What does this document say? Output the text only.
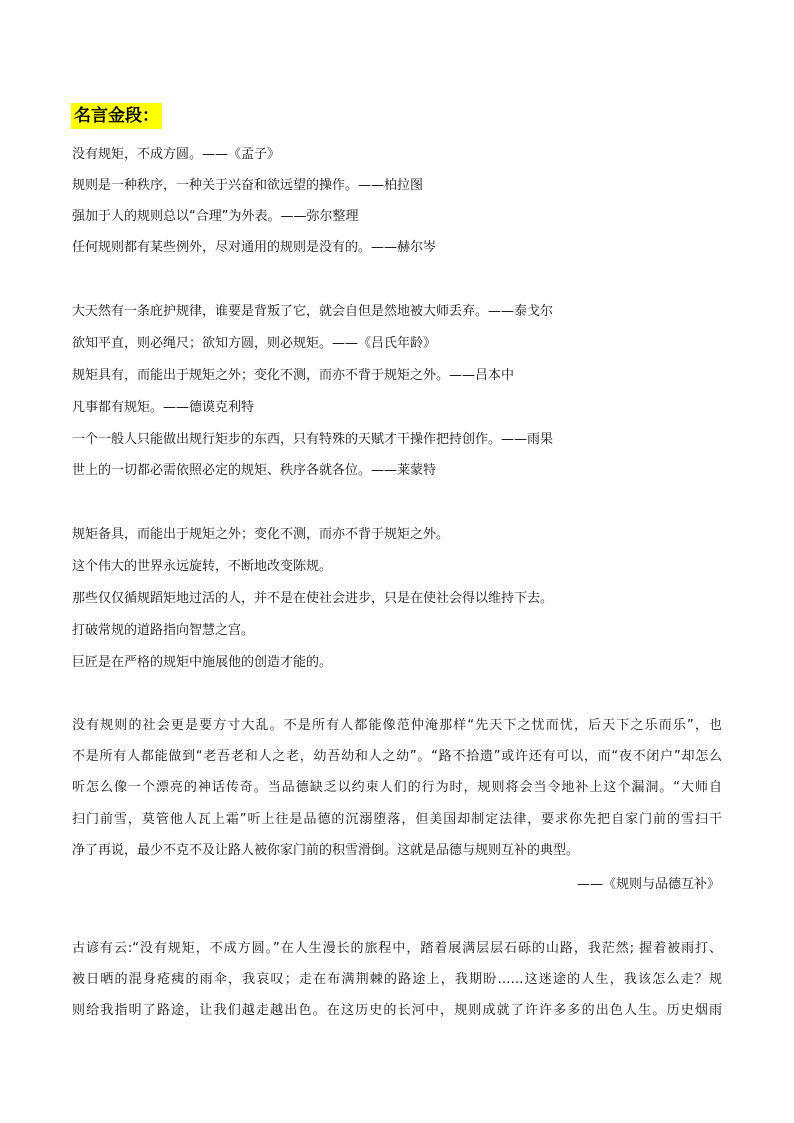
名言金段：
没有规矩，不成方圆。——《孟子》
规则是一种秩序，一种关于兴奋和欲远望的操作。——柏拉图
强加于人的规则总以“合理”为外表。——弥尔整理
任何规则都有某些例外，尽对通用的规则是没有的。——赫尔岑
大天然有一条庇护规律，谁要是背叛了它，就会自但是然地被大师丢弃。——泰戈尔
欲知平直，则必绳尺；欲知方圆，则必规矩。——《吕氏年龄》
规矩具有，而能出于规矩之外；变化不测，而亦不背于规矩之外。——吕本中
凡事都有规矩。——德谟克利特
一个一般人只能做出规行矩步的东西，只有特殊的天赋才干操作把持创作。——雨果
世上的一切都必需依照必定的规矩、秩序各就各位。——莱蒙特
规矩备具，而能出于规矩之外；变化不测，而亦不背于规矩之外。
这个伟大的世界永远旋转，不断地改变陈规。
那些仅仅循规蹈矩地过活的人，并不是在使社会进步，只是在使社会得以维持下去。
打破常规的道路指向智慧之宫。
巨匠是在严格的规矩中施展他的创造才能的。
没有规则的社会更是要方寸大乱。不是所有人都能像范仲淹那样“先天下之忧而忧，后天下之乐而乐”，也
不是所有人都能做到“老吾老和人之老，幼吾幼和人之幼”。“路不拾遗”或许还有可以，而“夜不闭户”却怎么
听怎么像一个漂亮的神话传奇。当品德缺乏以约束人们的行为时，规则将会当令地补上这个漏洞。“大师自
扫门前雪，莫管他人瓦上霜”听上往是品德的沉溺堕落，但美国却制定法律，要求你先把自家门前的雪扫干
净了再说，最少不克不及让路人被你家门前的积雪滑倒。这就是品德与规则互补的典型。
——《规则与品德互补》
古谚有云:“没有规矩，不成方圆。”在人生漫长的旅程中，踏着展满层层石砾的山路，我茫然; 握着被雨打、
被日晒的混身疮痍的雨伞，我哀叹；走在布满荆棘的路途上，我期盼……这迷途的人生，我该怎么走？规
则给我指明了路途，让我们越走越出色。在这历史的长河中，规则成就了许许多多的出色人生。历史烟雨
